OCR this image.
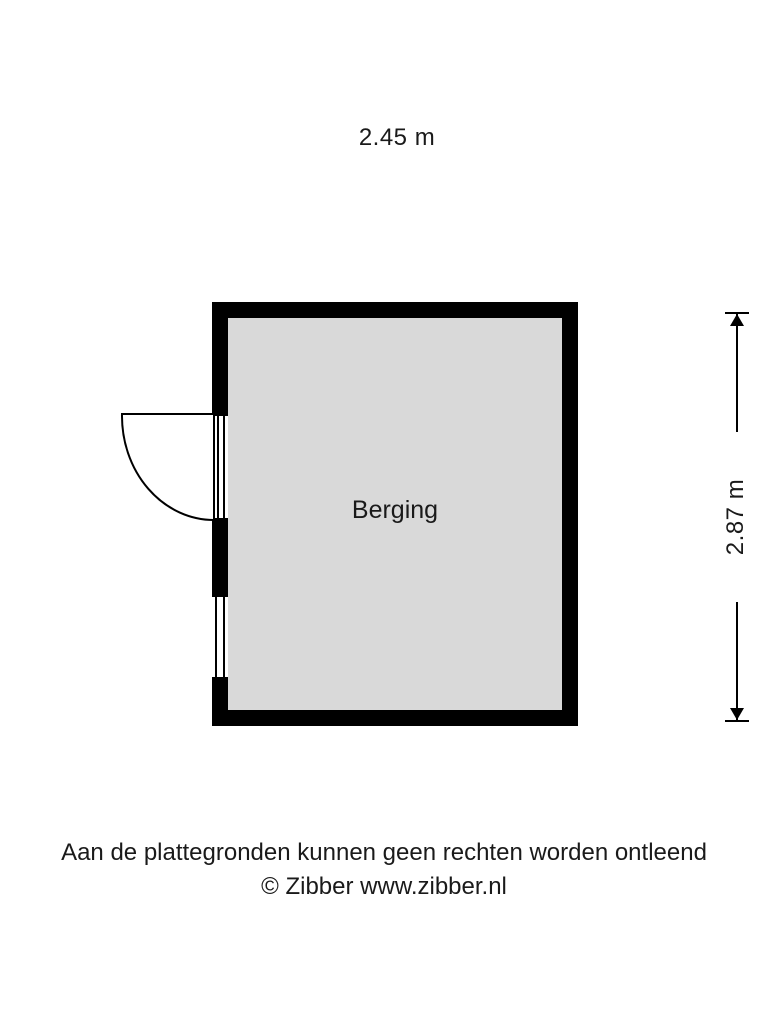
2.45 m
2.87 m
Berging
Aan de plattegronden kunnen geen rechten worden ontleend
© Zibber www.zibber.nl
